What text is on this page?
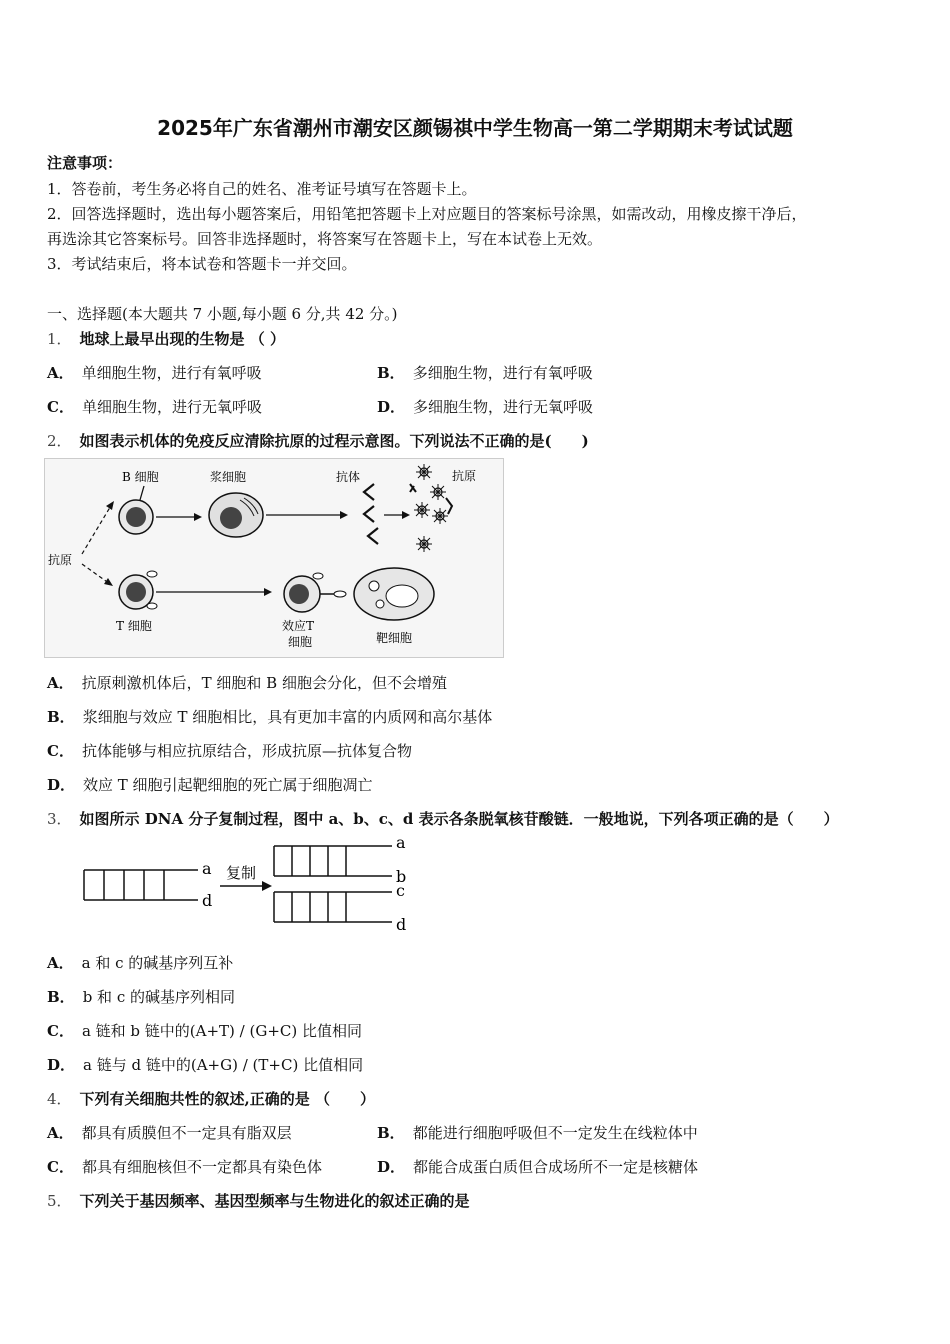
2025年广东省潮州市潮安区颜锡祺中学生物高一第二学期期末考试试题
注意事项：
1．答卷前，考生务必将自己的姓名、准考证号填写在答题卡上。
2．回答选择题时，选出每小题答案后，用铅笔把答题卡上对应题目的答案标号涂黑，如需改动，用橡皮擦干净后，
再选涂其它答案标号。回答非选择题时，将答案写在答题卡上，写在本试卷上无效。
3．考试结束后，将本试卷和答题卡一并交回。
一、选择题(本大题共 7 小题,每小题 6 分,共 42 分。)
1． 地球上最早出现的生物是 （ ）
A． 单细胞生物，进行有氧呼吸	B． 多细胞生物，进行有氧呼吸
C． 单细胞生物，进行无氧呼吸	D． 多细胞生物，进行无氧呼吸
2． 如图表示机体的免疫反应清除抗原的过程示意图。下列说法不正确的是(　　)
B 细胞	浆细胞	抗体	抗原
抗原
T 细胞	效应T
细胞	靶细胞
A． 抗原刺激机体后，T 细胞和 B 细胞会分化，但不会增殖
B． 浆细胞与效应 T 细胞相比，具有更加丰富的内质网和高尔基体
C． 抗体能够与相应抗原结合，形成抗原—抗体复合物
D． 效应 T 细胞引起靶细胞的死亡属于细胞凋亡
3． 如图所示 DNA 分子复制过程，图中 a、b、c、d 表示各条脱氧核苷酸链．一般地说，下列各项正确的是（　　）
a
d
复制
a
b
c
d
A． a 和 c 的碱基序列互补
B． b 和 c 的碱基序列相同
C． a 链和 b 链中的(A+T) / (G+C) 比值相同
D． a 链与 d 链中的(A+G) / (T+C) 比值相同
4． 下列有关细胞共性的叙述,正确的是 （　　）
A． 都具有质膜但不一定具有脂双层	B． 都能进行细胞呼吸但不一定发生在线粒体中
C． 都具有细胞核但不一定都具有染色体	D． 都能合成蛋白质但合成场所不一定是核糖体
5． 下列关于基因频率、基因型频率与生物进化的叙述正确的是
